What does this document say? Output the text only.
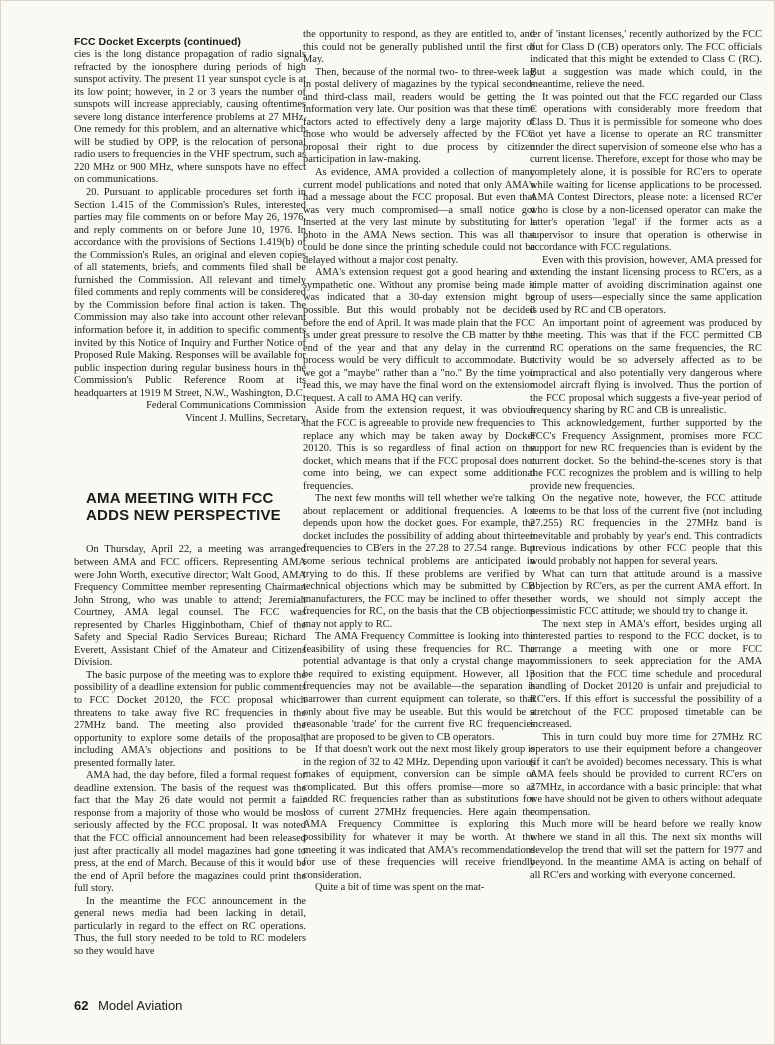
FCC Docket Excerpts (continued)

cies is the long distance propagation of radio signals refracted by the ionosphere during periods of high sunspot activity. The present 11 year sunspot cycle is at its low point; however, in 2 or 3 years the number of sunspots will increase appreciably, causing oftentimes severe long distance interference problems at 27 MHz. One remedy for this problem, and an alternative which will be studied by OPP, is the relocation of personal radio users to frequencies in the VHF spectrum, such as 220 MHz or 900 MHz, where sunspots have no effect on communications.

20. Pursuant to applicable procedures set forth in Section 1.415 of the Commission's Rules, interested parties may file comments on or before May 26, 1976, and reply comments on or before June 10, 1976. In accordance with the provisions of Sections 1.419(b) of the Commission's Rules, an original and eleven copies of all statements, briefs, and comments filed shall be furnished the Commission. All relevant and timely filed comments and reply comments will be considered by the Commission before final action is taken. The Commission may also take into account other relevant information before it, in addition to specific comments invited by this Notice of Inquiry and Further Notice of Proposed Rule Making. Responses will be available for public inspection during regular business hours in the Commission's Public Reference Room at its headquarters at 1919 M Street, N.W., Washington, D.C.

Federal Communications Commission

Vincent J. Mullins, Secretary

AMA MEETING WITH FCC

ADDS NEW PERSPECTIVE

On Thursday, April 22, a meeting was arranged between AMA and FCC officers. Representing AMA were John Worth, executive director; Walt Good, AMA Frequency Committee member representing Chairman John Strong, who was unable to attend; Jeremiah Courtney, AMA legal counsel. The FCC was represented by Charles Higginbotham, Chief of the Safety and Special Radio Services Bureau; Richard Everett, Assistant Chief of the Amateur and Citizens Division.

The basic purpose of the meeting was to explore the possibility of a deadline extension for public comments to FCC Docket 20120, the FCC proposal which threatens to take away five RC frequencies in the 27MHz band. The meeting also provided the opportunity to explore some details of the proposal, including AMA's objections and positions to be presented formally later.

AMA had, the day before, filed a formal request for deadline extension. The basis of the request was the fact that the May 26 date would not permit a fair response from a majority of those who would be most seriously affected by the FCC proposal. It was noted that the FCC official announcement had been released just after practically all model magazines had gone to press, at the end of March. Because of this it would be the end of April before the magazines could print the full story.

In the meantime the FCC announcement in the general news media had been lacking in detail, particularly in regard to the effect on RC operations. Thus, the full story needed to be told to RC modelers so they would have

the opportunity to respond, as they are entitled to, and this could not be generally published until the first of May.

Then, because of the normal two- to three-week lag in postal delivery of magazines by the typical second- and third-class mail, readers would be getting the information very late. Our position was that these time factors acted to effectively deny a large majority of those who would be adversely affected by the FCC proposal their right to due process by citizen participation in law-making.

As evidence, AMA provided a collection of many current model publications and noted that only AMA's had a message about the FCC proposal. But even that was very much compromised—a small notice got inserted at the very last minute by substituting for a photo in the AMA News section. This was all that could be done since the printing schedule could not be delayed without a major cost penalty.

AMA's extension request got a good hearing and a sympathetic one. Without any promise being made it was indicated that a 30-day extension might be possible. But this would probably not be decided before the end of April. It was made plain that the FCC is under great pressure to resolve the CB matter by the end of the year and that any delay in the current process would be very difficult to accommodate. But we got a "maybe" rather than a "no." By the time you read this, we may have the final word on the extension request. A call to AMA HQ can verify.

Aside from the extension request, it was obvious that the FCC is agreeable to provide new frequencies to replace any which may be taken away by Docket 20120. This is so regardless of final action on the docket, which means that if the FCC proposal does not come into being, we can expect some additional frequencies.

The next few months will tell whether we're talking about replacement or additional frequencies. A lot depends upon how the docket goes. For example, the docket includes the possibility of adding about thirteen frequencies to CB'ers in the 27.28 to 27.54 range. But some serious technical problems are anticipated in trying to do this. If these problems are verified by technical objections which may be submitted by CB manufacturers, the FCC may be inclined to offer these frequencies for RC, on the basis that the CB objections may not apply to RC.

The AMA Frequency Committee is looking into the feasibility of using these frequencies for RC. The potential advantage is that only a crystal change may be required to existing equipment. However, all 13 frequencies may not be available—the separation is narrower than current equipment can tolerate, so that only about five may be useable. But this would be a reasonable 'trade' for the current five RC frequencies that are proposed to be given to CB operators.

If that doesn't work out the next most likely group is in the region of 32 to 42 MHz. Depending upon various makes of equipment, conversion can be simple or complicated. But this offers promise—more so as added RC frequencies rather than as substitutions for loss of current 27MHz frequencies. Here again the AMA Frequency Committee is exploring this possibility for whatever it may be worth. At the meeting it was indicated that AMA's recommendations for use of these frequencies will receive friendly consideration.

Quite a bit of time was spent on the mat-

ter of 'instant licenses,' recently authorized by the FCC but for Class D (CB) operators only. The FCC officials indicated that this might be extended to Class C (RC). But a suggestion was made which could, in the meantime, relieve the need.

It was pointed out that the FCC regarded our Class C operations with considerably more freedom that Class D. Thus it is permissible for someone who does not yet have a license to operate an RC transmitter under the direct supervision of someone else who has a current license. Therefore, except for those who may be completely alone, it is possible for RC'ers to operate while waiting for license applications to be processed. AMA Contest Directors, please note: a licensed RC'er who is close by a non-licensed operator can make the latter's operation 'legal' if the former acts as a supervisor to insure that operation is otherwise in accordance with FCC regulations.

Even with this provision, however, AMA pressed for extending the instant licensing process to RC'ers, as a simple matter of avoiding discrimination against one group of users—especially since the same application is used by RC and CB operators.

An important point of agreement was produced by the meeting. This was that if the FCC permitted CB and RC operations on the same frequencies, the RC activity would be so adversely affected as to be impractical and also potentially very dangerous where model aircraft flying is involved. Thus the portion of the FCC proposal which suggests a five-year period of frequency sharing by RC and CB is unrealistic.

This acknowledgement, further supported by the FCC's Frequency Assignment, promises more FCC support for new RC frequencies than is evident by the current docket. So the behind-the-scenes story is that the FCC recognizes the problem and is willing to help provide new frequencies.

On the negative note, however, the FCC attitude seems to be that loss of the current five (not including 27.255) RC frequencies in the 27MHz band is inevitable and probably by year's end. This contradicts previous indications by other FCC people that this would probably not happen for several years.

What can turn that attitude around is a massive objection by RC'ers, as per the current AMA effort. In other words, we should not simply accept the pessimistic FCC attitude; we should try to change it.

The next step in AMA's effort, besides urging all interested parties to respond to the FCC docket, is to arrange a meeting with one or more FCC commissioners to seek appreciation for the AMA position that the FCC time schedule and procedural handling of Docket 20120 is unfair and prejudicial to RC'ers. If this effort is successful the possibility of a stretchout of the FCC proposed timetable can be increased.

This in turn could buy more time for 27MHz RC operators to use their equipment before a changeover (if it can't be avoided) becomes necessary. This is what AMA feels should be provided to current RC'ers on 27MHz, in accordance with a basic principle: that what we have should not be given to others without adequate compensation.

Much more will be heard before we really know where we stand in all this. The next six months will develop the trend that will set the pattern for 1977 and beyond. In the meantime AMA is acting on behalf of all RC'ers and working with everyone concerned.

62 Model Aviation
